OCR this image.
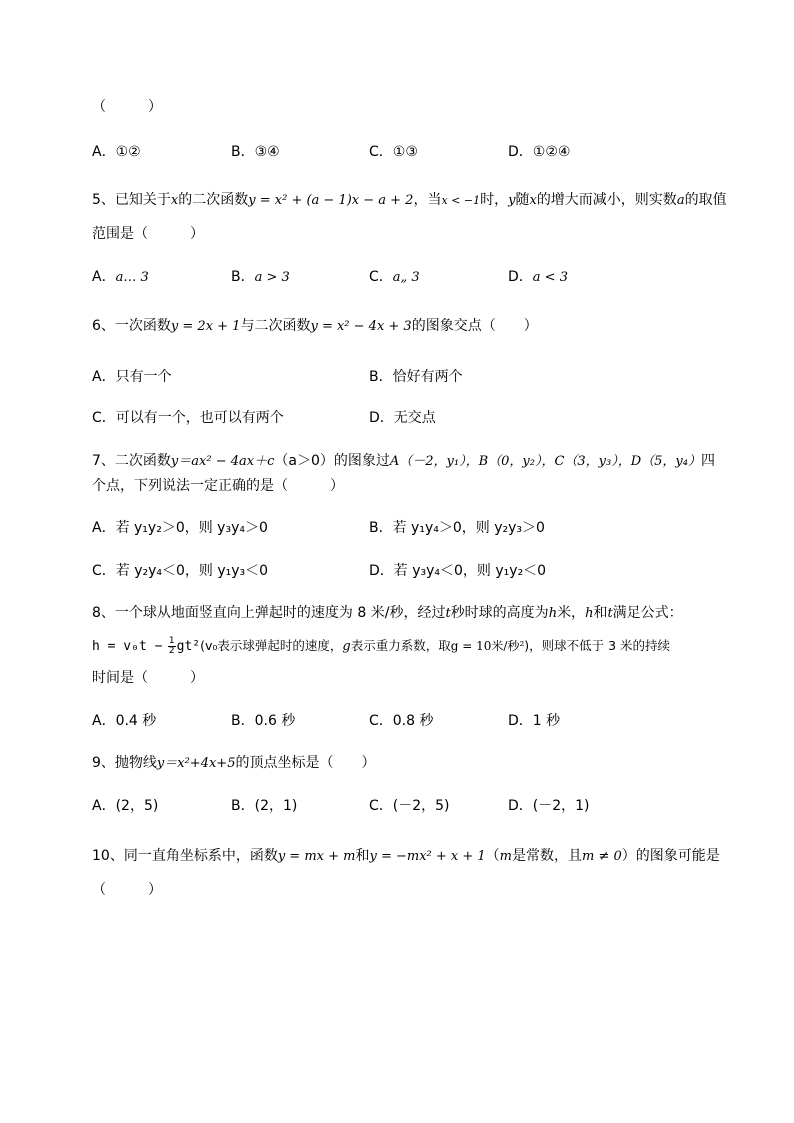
（　　　）
A．①②	B．③④	C．①③	D．①②④
5、已知关于x的二次函数y = x² + (a − 1)x − a + 2，当x < −1时，y随x的增大而减小，则实数a的取值
范围是（　　　）
A．a… 3	B．a > 3	C．a„ 3	D．a < 3
6、一次函数y = 2x + 1与二次函数y = x² − 4x + 3的图象交点（　　）
A．只有一个	B．恰好有两个
C．可以有一个，也可以有两个	D．无交点
7、二次函数y＝ax² − 4ax＋c（a＞0）的图象过A（－2，y₁），B（0，y₂），C（3，y₃），D（5，y₄）四
个点，下列说法一定正确的是（　　　）
A．若 y₁y₂＞0，则 y₃y₄＞0	B．若 y₁y₄＞0，则 y₂y₃＞0
C．若 y₂y₄＜0，则 y₁y₃＜0	D．若 y₃y₄＜0，则 y₁y₂＜0
8、一个球从地面竖直向上弹起时的速度为 8 米/秒，经过t秒时球的高度为h米，h和t满足公式：
$h = v_0t - \frac{1}{2} gt^2(v_0$表示球弹起时的速度，g表示重力系数，取g = 10米/秒²)，则球不低于 3 米的持续
时间是（　　　）
A．0.4 秒	B．0.6 秒	C．0.8 秒	D．1 秒
9、抛物线y＝x²+4x+5的顶点坐标是（　　）
A．(2，5)	B．(2，1)	C．(－2，5)	D．(－2，1)
10、同一直角坐标系中，函数y = mx + m和y = −mx² + x + 1（m是常数，且m ≠ 0）的图象可能是
（　　　）
